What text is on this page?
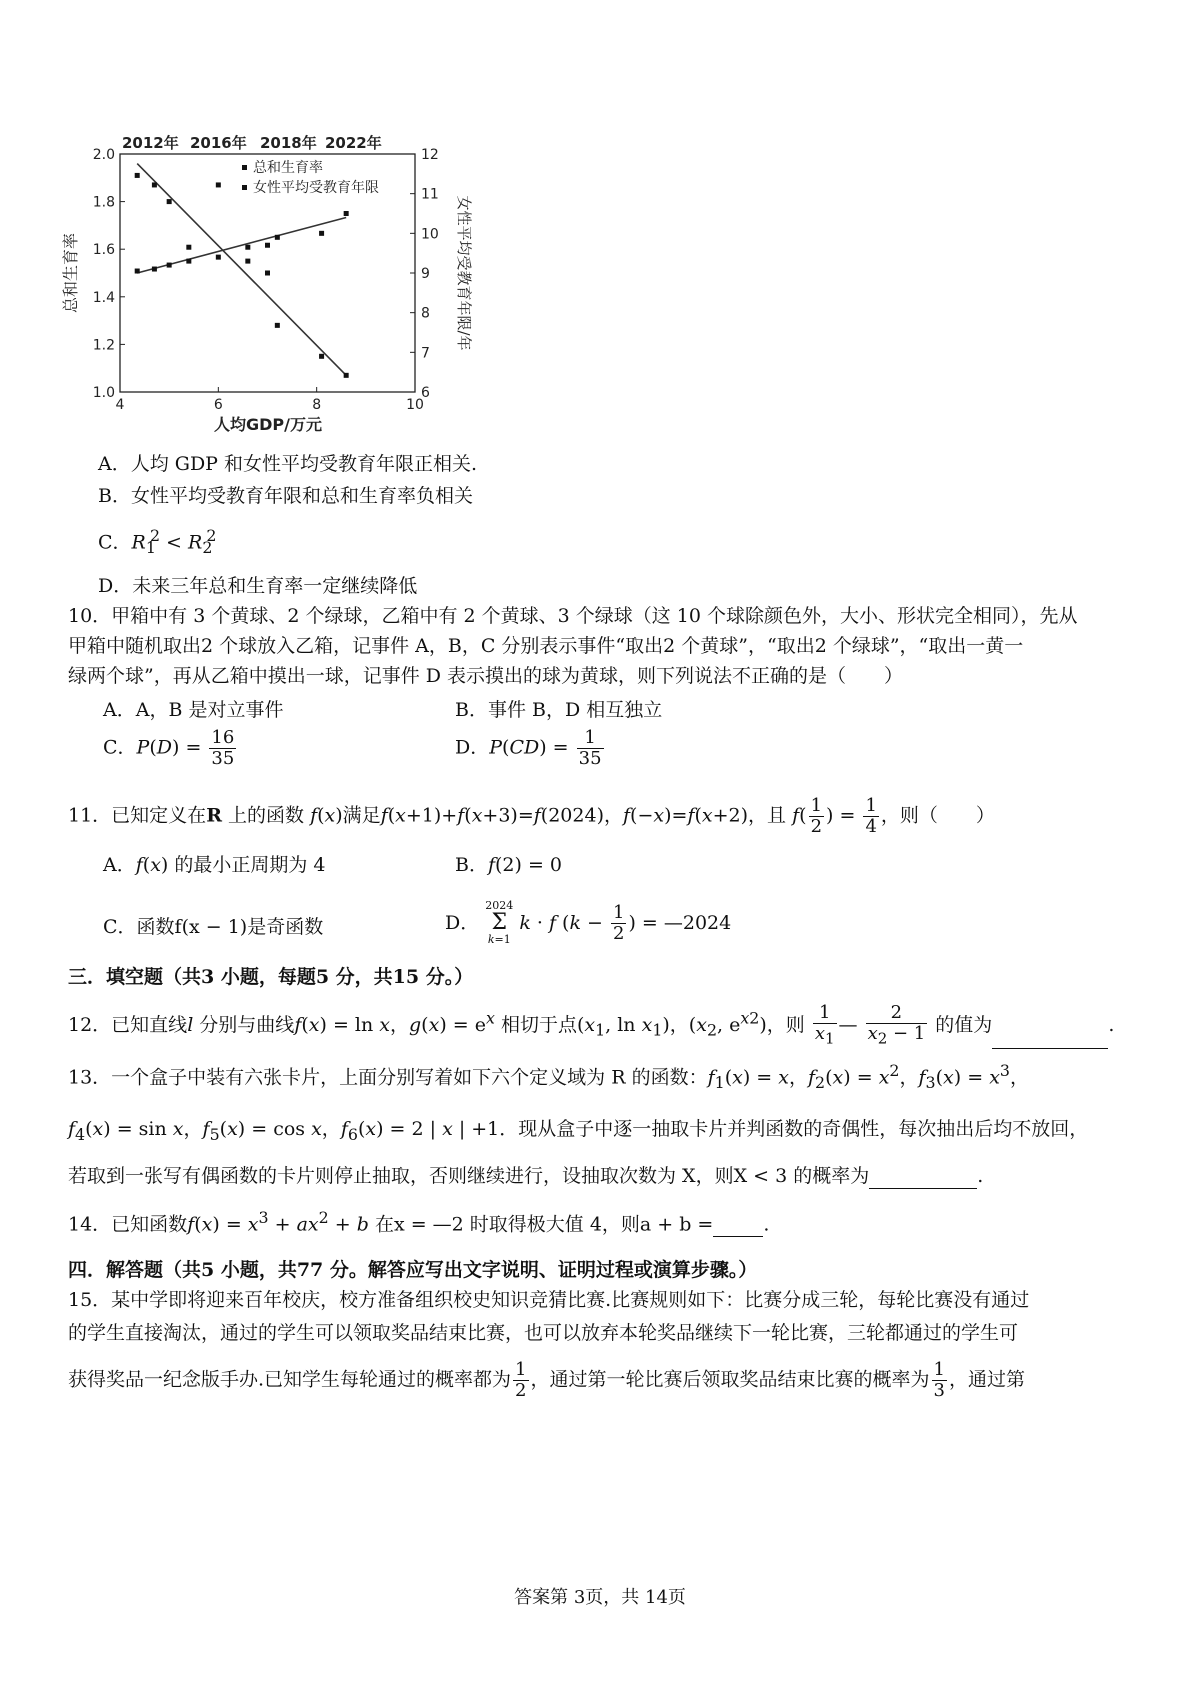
4	6	8	10
1.0
1.2
1.4
1.6
1.8
2.0
6
7
8
9
10
11
12
2012年 2016年 2018年 2022年
人均GDP/万元
总和生育率	女性平均受教育年限/年
总和生育率
女性平均受教育年限
A．人均 GDP 和女性平均受教育年限正相关.
B．女性平均受教育年限和总和生育率负相关
C．$R_1^2 < R_2^2$
D．未来三年总和生育率一定继续降低
10．甲箱中有 3 个黄球、2 个绿球，乙箱中有 2 个黄球、3 个绿球（这 10 个球除颜色外，大小、形状完全相同），先从
甲箱中随机取出2 个球放入乙箱，记事件 A，B，C 分别表示事件“取出2 个黄球”，“取出2 个绿球”，“取出一黄一
绿两个球”，再从乙箱中摸出一球，记事件 D 表示摸出的球为黄球，则下列说法不正确的是（　　）
A．A，B 是对立事件	B．事件 B，D 相互独立
C．$P(D) = \frac{16}{35}$	D．$P(CD) = \frac{1}{35}$
11．已知定义在R 上的函数 f(x)满足f(x+1)+f(x+3)=f(2024)，f(−x)=f(x+2)，且 $f( \frac{1}{2}$ ) = $\frac{1}{4}$ ，则（　　）
A．f(x) 的最小正周期为 4	B．f(2) = 0
C．函数f(x − 1)是奇函数	D． 2024
Σ
k=1 k · f ($k - \frac{1}{2}$ ) = —2024
三．填空题（共3 小题，每题5 分，共15 分。）
12．已知直线l 分别与曲线f(x) = ln x，$g(x) = e^x$ 相切于点($x_1$, $\ln x_1$)，($x_2$, $e^{x2}$)，则 $\frac{1}{x_1}$ — $\frac{2}{x_2 - 1}$ 的值为	.
13．一个盒子中装有六张卡片，上面分别写着如下六个定义域为 R 的函数：$f_1(x) = x$，$f_2(x) = x^2$，$f_3(x) = x^3$，
$f_4(x) = \sin x$，$f_5(x) = \cos x$，$f_6(x) = 2$ | x | +1．现从盒子中逐一抽取卡片并判函数的奇偶性，每次抽出后均不放回，
若取到一张写有偶函数的卡片则停止抽取，否则继续进行，设抽取次数为 X，则X < 3 的概率为	.
14．已知函数$f(x) = x^3 + ax^2 + b$ 在x = —2 时取得极大值 4，则a + b =	.
四．解答题（共5 小题，共77 分。解答应写出文字说明、证明过程或演算步骤。）
15．某中学即将迎来百年校庆，校方准备组织校史知识竞猜比赛.比赛规则如下：比赛分成三轮，每轮比赛没有通过
的学生直接淘汰，通过的学生可以领取奖品结束比赛，也可以放弃本轮奖品继续下一轮比赛，三轮都通过的学生可
获得奖品一纪念版手办.已知学生每轮通过的概率都为 $\frac{1}{2}$ ，通过第一轮比赛后领取奖品结束比赛的概率为 $\frac{1}{3}$ ，通过第
答案第 3页，共 14页
